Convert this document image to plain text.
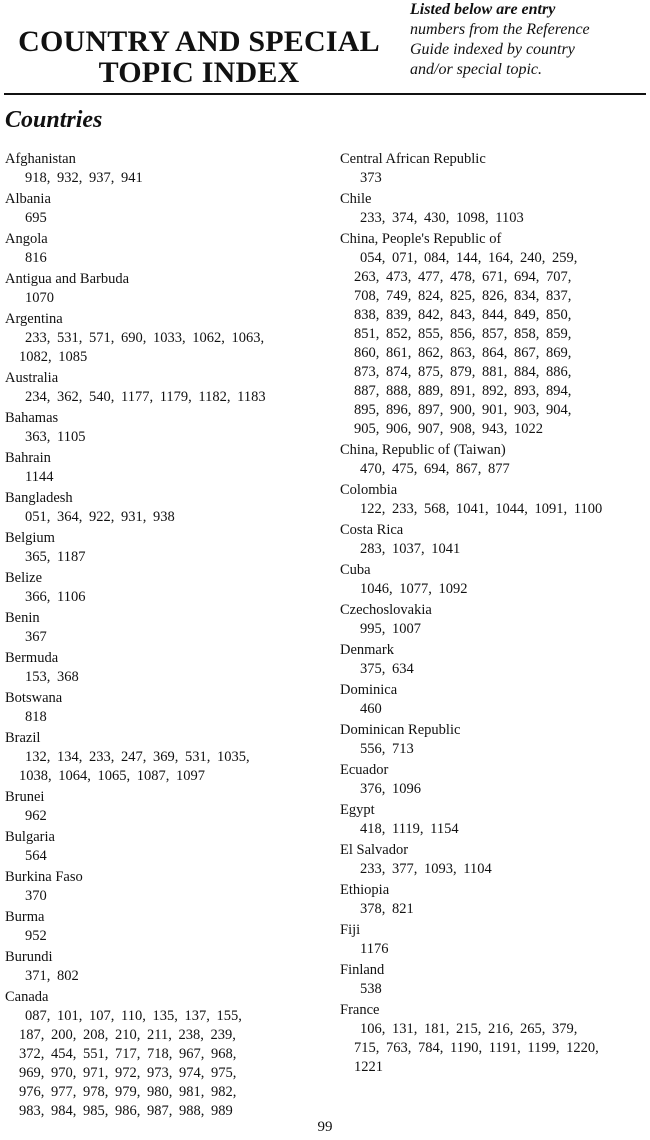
COUNTRY AND SPECIAL
TOPIC INDEX
Listed below are entry
numbers from the Reference
Guide indexed by country
and/or special topic.
Countries
Afghanistan
918, 932, 937, 941
Albania
695
Angola
816
Antigua and Barbuda
1070
Argentina
233, 531, 571, 690, 1033, 1062, 1063,
1082, 1085
Australia
234, 362, 540, 1177, 1179, 1182, 1183
Bahamas
363, 1105
Bahrain
1144
Bangladesh
051, 364, 922, 931, 938
Belgium
365, 1187
Belize
366, 1106
Benin
367
Bermuda
153, 368
Botswana
818
Brazil
132, 134, 233, 247, 369, 531, 1035,
1038, 1064, 1065, 1087, 1097
Brunei
962
Bulgaria
564
Burkina Faso
370
Burma
952
Burundi
371, 802
Canada
087, 101, 107, 110, 135, 137, 155,
187, 200, 208, 210, 211, 238, 239,
372, 454, 551, 717, 718, 967, 968,
969, 970, 971, 972, 973, 974, 975,
976, 977, 978, 979, 980, 981, 982,
983, 984, 985, 986, 987, 988, 989
Central African Republic
373
Chile
233, 374, 430, 1098, 1103
China, People's Republic of
054, 071, 084, 144, 164, 240, 259,
263, 473, 477, 478, 671, 694, 707,
708, 749, 824, 825, 826, 834, 837,
838, 839, 842, 843, 844, 849, 850,
851, 852, 855, 856, 857, 858, 859,
860, 861, 862, 863, 864, 867, 869,
873, 874, 875, 879, 881, 884, 886,
887, 888, 889, 891, 892, 893, 894,
895, 896, 897, 900, 901, 903, 904,
905, 906, 907, 908, 943, 1022
China, Republic of (Taiwan)
470, 475, 694, 867, 877
Colombia
122, 233, 568, 1041, 1044, 1091, 1100
Costa Rica
283, 1037, 1041
Cuba
1046, 1077, 1092
Czechoslovakia
995, 1007
Denmark
375, 634
Dominica
460
Dominican Republic
556, 713
Ecuador
376, 1096
Egypt
418, 1119, 1154
El Salvador
233, 377, 1093, 1104
Ethiopia
378, 821
Fiji
1176
Finland
538
France
106, 131, 181, 215, 216, 265, 379,
715, 763, 784, 1190, 1191, 1199, 1220,
1221
99
